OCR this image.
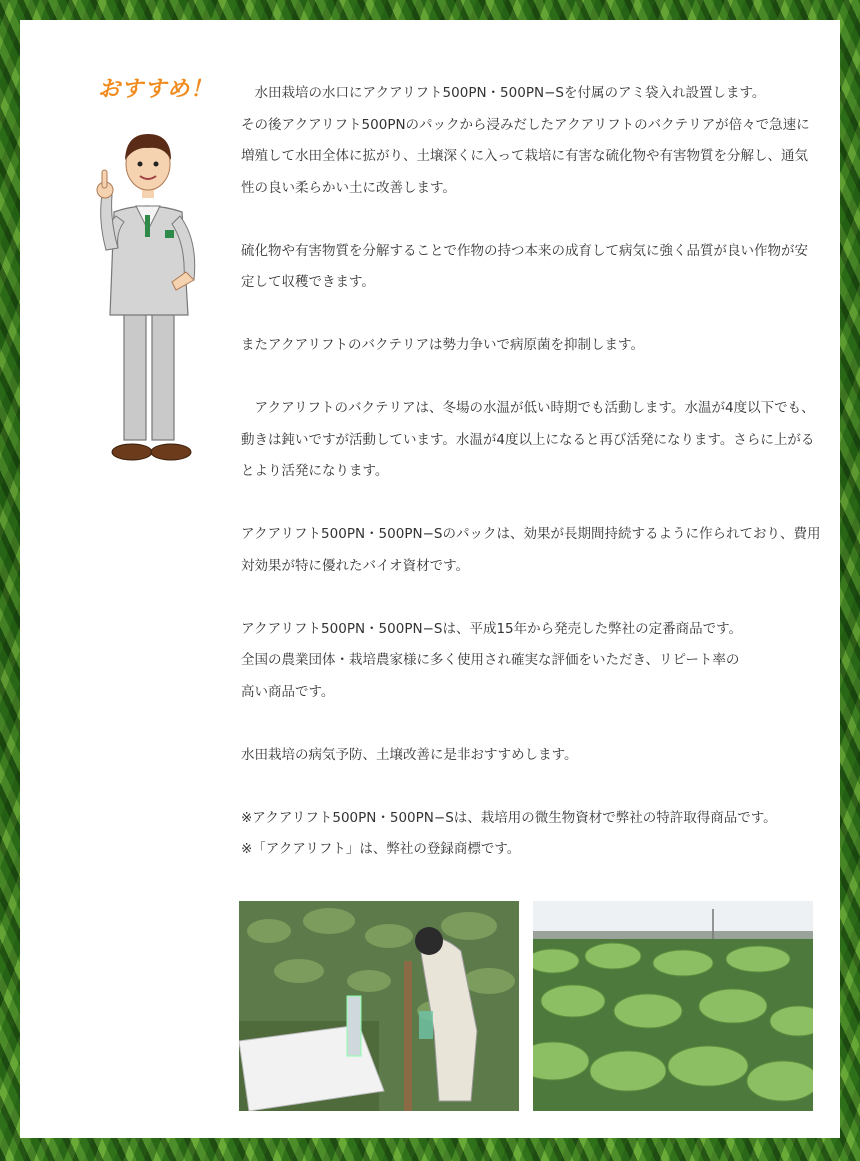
おすすめ！	　水田栽培の水口にアクアリフト500PN・500PN−Sを付属のアミ袋入れ設置します。
その後アクアリフト500PNのパックから浸みだしたアクアリフトのバクテリアが倍々で急速に増殖して水田全体に拡がり、土壌深くに入って栽培に有害な硫化物や有害物質を分解し、通気性の良い柔らかい土に改善します。

硫化物や有害物質を分解することで作物の持つ本来の成育して病気に強く品質が良い作物が安定して収穫できます。

またアクアリフトのバクテリアは勢力争いで病原菌を抑制します。

　アクアリフトのバクテリアは、冬場の水温が低い時期でも活動します。水温が4度以下でも、動きは鈍いですが活動しています。水温が4度以上になると再び活発になります。さらに上がるとより活発になります。

アクアリフト500PN・500PN−Sのパックは、効果が長期間持続するように作られており、費用対効果が特に優れたバイオ資材です。

アクアリフト500PN・500PN−Sは、平成15年から発売した弊社の定番商品です。
全国の農業団体・栽培農家様に多く使用され確実な評価をいただき、リピート率の
高い商品です。

水田栽培の病気予防、土壌改善に是非おすすめします。

※アクアリフト500PN・500PN−Sは、栽培用の微生物資材で弊社の特許取得商品です。
※「アクアリフト」は、弊社の登録商標です。
